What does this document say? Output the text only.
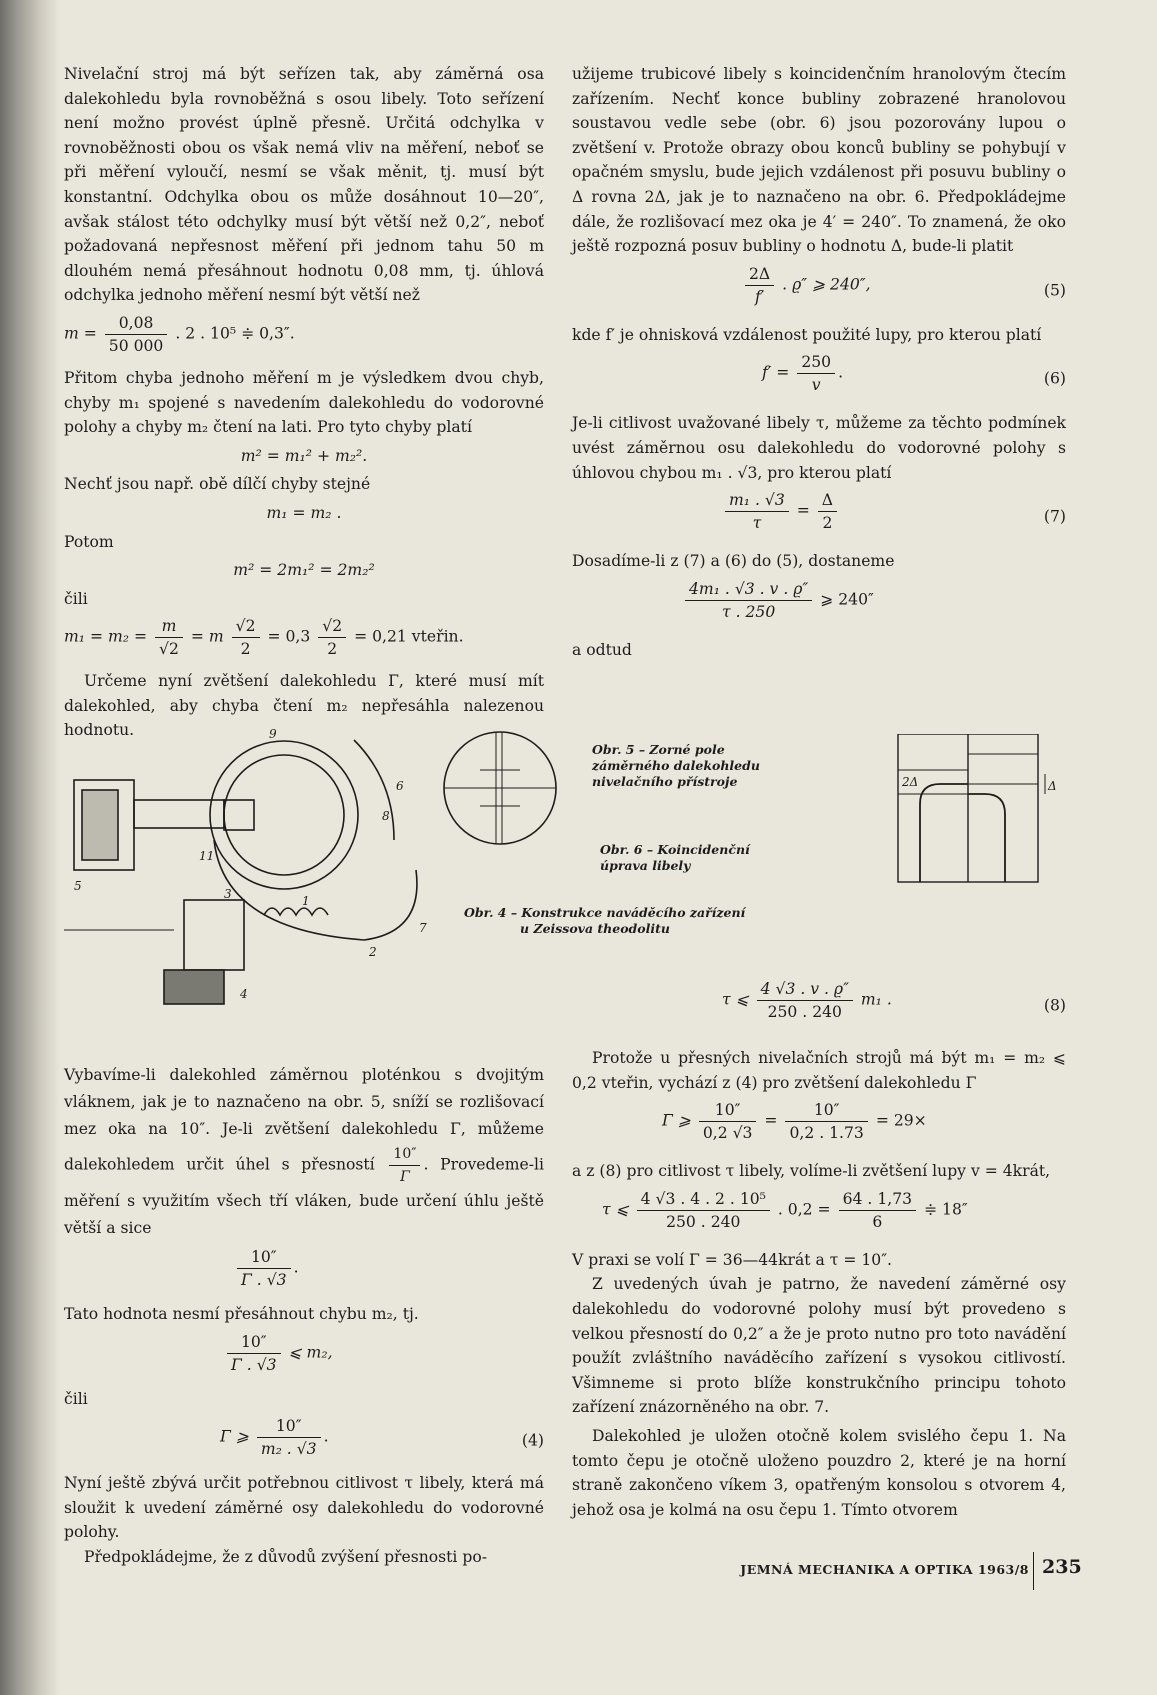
Nivelační stroj má být seřízen tak, aby záměrná osa dalekohledu byla rovnoběžná s osou libely. Toto seřízení není možno provést úplně přesně. Určitá odchylka v rovnoběžnosti obou os však nemá vliv na měření, neboť se při měření vyloučí, nesmí se však měnit, tj. musí být konstantní. Odchylka obou os může dosáhnout 10—20″, avšak stálost této odchylky musí být větší než 0,2″, neboť požadovaná nepřesnost měření při jednom tahu 50 m dlouhém nemá přesáhnout hodnotu 0,08 mm, tj. úhlová odchylka jednoho měření nesmí být větší než

$m = \frac{0,08}{50 000}$ . 2 . 10⁵ ≑ 0,3″.

Přitom chyba jednoho měření m je výsledkem dvou chyb, chyby m₁ spojené s navedením dalekohledu do vodorovné polohy a chyby m₂ čtení na lati. Pro tyto chyby platí

m² = m₁² + m₂².

Nechť jsou např. obě dílčí chyby stejné

m₁ = m₂ .

Potom

m² = 2m₁² = 2m₂²

čili

$m_1 = m_2 = \frac{m}{√2} = m \frac{√2}{2} = 0,3 \frac{√2}{2} = 0,21$ vteřin.

Určeme nyní zvětšení dalekohledu Γ, které musí mít dalekohled, aby chyba čtení m₂ nepřesáhla nalezenou hodnotu.	9
6
8
11
3
5
1
7
2
4
Obr. 4 – Konstrukce naváděcího zařízení
u Zeissova theodolitu

Vybavíme-li dalekohled záměrnou ploténkou s dvojitým vláknem, jak je to naznačeno na obr. 5, sníží se rozlišovací mez oka na 10″. Je-li zvětšení dalekohledu Γ, můžeme dalekohledem určit úhel s přesností $\frac{10''}{\Gamma}$ . Provedeme-li měření s využitím všech tří vláken, bude určení úhlu ještě větší a sice

$\frac{10''}{\Gamma . √3}$ .

Tato hodnota nesmí přesáhnout chybu m₂, tj.

$\frac{10''}{\Gamma . √3}$ ⩽ m₂,

čili

Γ ⩾ $\frac{10''}{\text{m₂ . √3}}$ .	(4)

Nyní ještě zbývá určit potřebnou citlivost τ libely, která má sloužit k uvedení záměrné osy dalekohledu do vodorovné polohy.

Předpokládejme, že z důvodů zvýšení přesnosti po-

užijeme trubicové libely s koincidenčním hranolovým čtecím zařízením. Nechť konce bubliny zobrazené hranolovou soustavou vedle sebe (obr. 6) jsou pozorovány lupou o zvětšení v. Protože obrazy obou konců bubliny se pohybují v opačném smyslu, bude jejich vzdálenost při posuvu bubliny o Δ rovna 2Δ, jak je to naznačeno na obr. 6. Předpokládejme dále, že rozlišovací mez oka je 4′ = 240″. To znamená, že oko ještě rozpozná posuv bubliny o hodnotu Δ, bude-li platit

$\frac{2\Delta}{f'}$ . ϱ″ ⩾ 240″,	(5)

kde f′ je ohnisková vzdálenost použité lupy, pro kterou platí

$f' = \frac{250}{v}$ .	(6)

Je-li citlivost uvažované libely τ, můžeme za těchto podmínek uvést záměrnou osu dalekohledu do vodorovné polohy s úhlovou chybou m₁ . √3, pro kterou platí

$\frac{\text{m₁ . √3}}{\tau} = \frac{\Delta}{2}$	(7)

Dosadíme-li z (7) a (6) do (5), dostaneme

$\frac{\text{4m₁ . √3 . v . ϱ″}}{\tau . 250}$ ⩾ 240″

a odtud

Obr. 5 – Zorné pole záměrného dalekohledu nivelačního přístroje
Obr. 6 – Koincidenční úprava libely
2Δ	Δ
τ ⩽ $\frac{4 √3 . v . ϱ''}{250 . 240} m_1$ .	(8)

Protože u přesných nivelačních strojů má být m₁ = m₂ ⩽ 0,2 vteřin, vychází z (4) pro zvětšení dalekohledu Γ

Γ ⩾ $\frac{10''}{0,2 √3} = \frac{10''}{0,2 . 1.73} = 29\times$

a z (8) pro citlivost τ libely, volíme-li zvětšení lupy v = 4krát,

τ ⩽ $\frac{\text{4 √3 . 4 . 2 . 10⁵}}{250 . 240}$ . $0,2 = \frac{64 . 1,73}{6}$ ≑ 18″

V praxi se volí Γ = 36—44krát a τ = 10″.

Z uvedených úvah je patrno, že navedení záměrné osy dalekohledu do vodorovné polohy musí být provedeno s velkou přesností do 0,2″ a že je proto nutno pro toto navádění použít zvláštního naváděcího zařízení s vysokou citlivostí. Všimneme si proto blíže konstrukčního principu tohoto zařízení znázorněného na obr. 7.

Dalekohled je uložen otočně kolem svislého čepu 1. Na tomto čepu je otočně uloženo pouzdro 2, které je na horní straně zakončeno víkem 3, opatřeným konsolou s otvorem 4, jehož osa je kolmá na osu čepu 1. Tímto otvorem

JEMNÁ MECHANIKA A OPTIKA 1963/8 235
